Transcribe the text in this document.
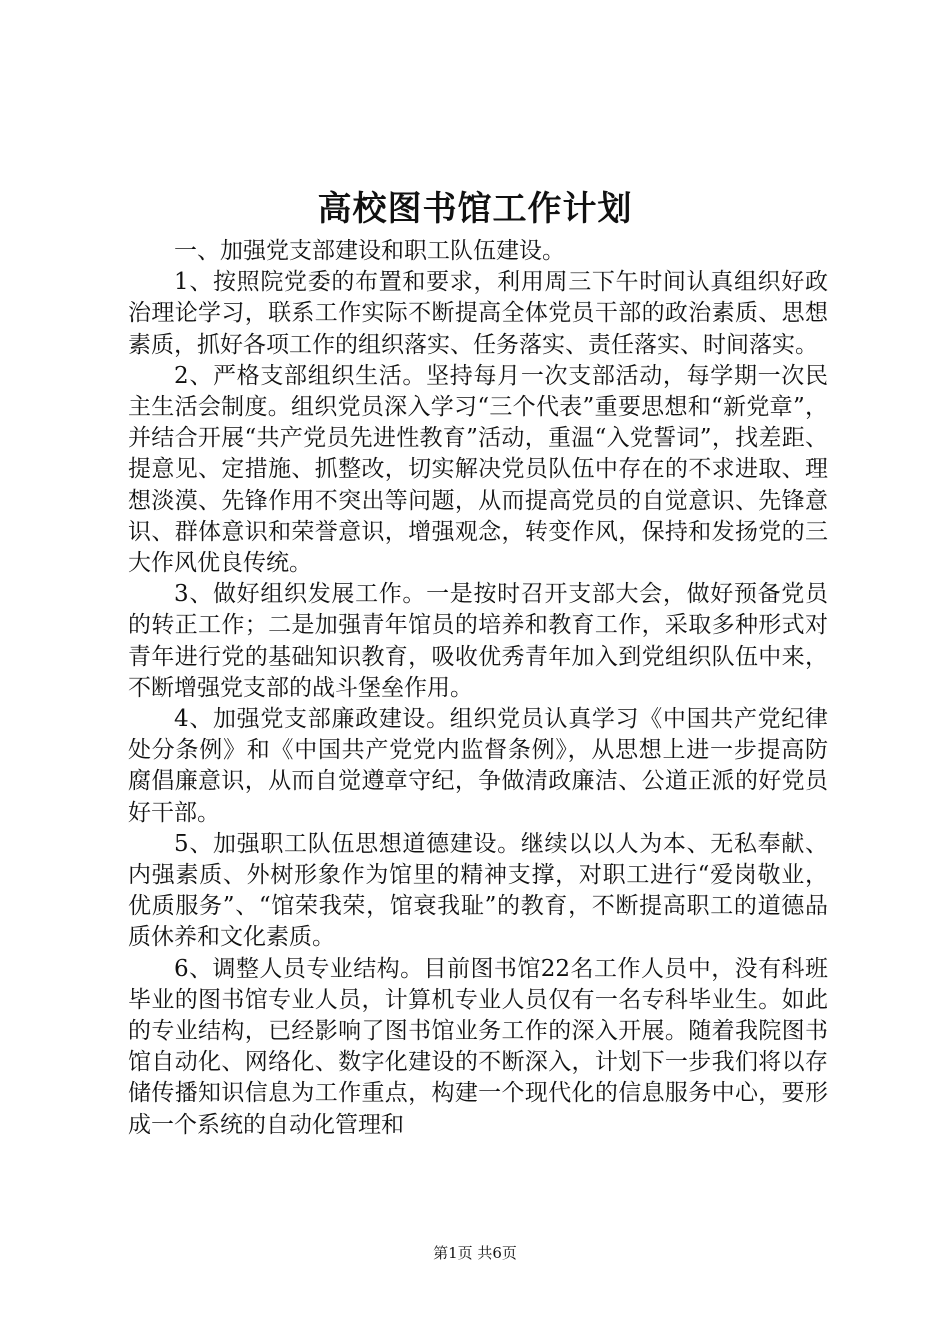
高校图书馆工作计划

一、加强党支部建设和职工队伍建设。

1、按照院党委的布置和要求，利用周三下午时间认真组织好政治理论学习，联系工作实际不断提高全体党员干部的政治素质、思想素质，抓好各项工作的组织落实、任务落实、责任落实、时间落实。

2、严格支部组织生活。坚持每月一次支部活动，每学期一次民主生活会制度。组织党员深入学习“三个代表”重要思想和“新党章”，并结合开展“共产党员先进性教育”活动，重温“入党誓词”，找差距、提意见、定措施、抓整改，切实解决党员队伍中存在的不求进取、理想淡漠、先锋作用不突出等问题，从而提高党员的自觉意识、先锋意识、群体意识和荣誉意识，增强观念，转变作风，保持和发扬党的三大作风优良传统。

3、做好组织发展工作。一是按时召开支部大会，做好预备党员的转正工作；二是加强青年馆员的培养和教育工作，采取多种形式对青年进行党的基础知识教育，吸收优秀青年加入到党组织队伍中来，不断增强党支部的战斗堡垒作用。

4、加强党支部廉政建设。组织党员认真学习《中国共产党纪律处分条例》和《中国共产党党内监督条例》，从思想上进一步提高防腐倡廉意识，从而自觉遵章守纪，争做清政廉洁、公道正派的好党员好干部。

5、加强职工队伍思想道德建设。继续以以人为本、无私奉献、内强素质、外树形象作为馆里的精神支撑，对职工进行“爱岗敬业，优质服务”、“馆荣我荣，馆衰我耻”的教育，不断提高职工的道德品质休养和文化素质。

6、调整人员专业结构。目前图书馆22名工作人员中，没有科班毕业的图书馆专业人员，计算机专业人员仅有一名专科毕业生。如此的专业结构，已经影响了图书馆业务工作的深入开展。随着我院图书馆自动化、网络化、数字化建设的不断深入，计划下一步我们将以存储传播知识信息为工作重点，构建一个现代化的信息服务中心，要形成一个系统的自动化管理和

第1页 共6页
